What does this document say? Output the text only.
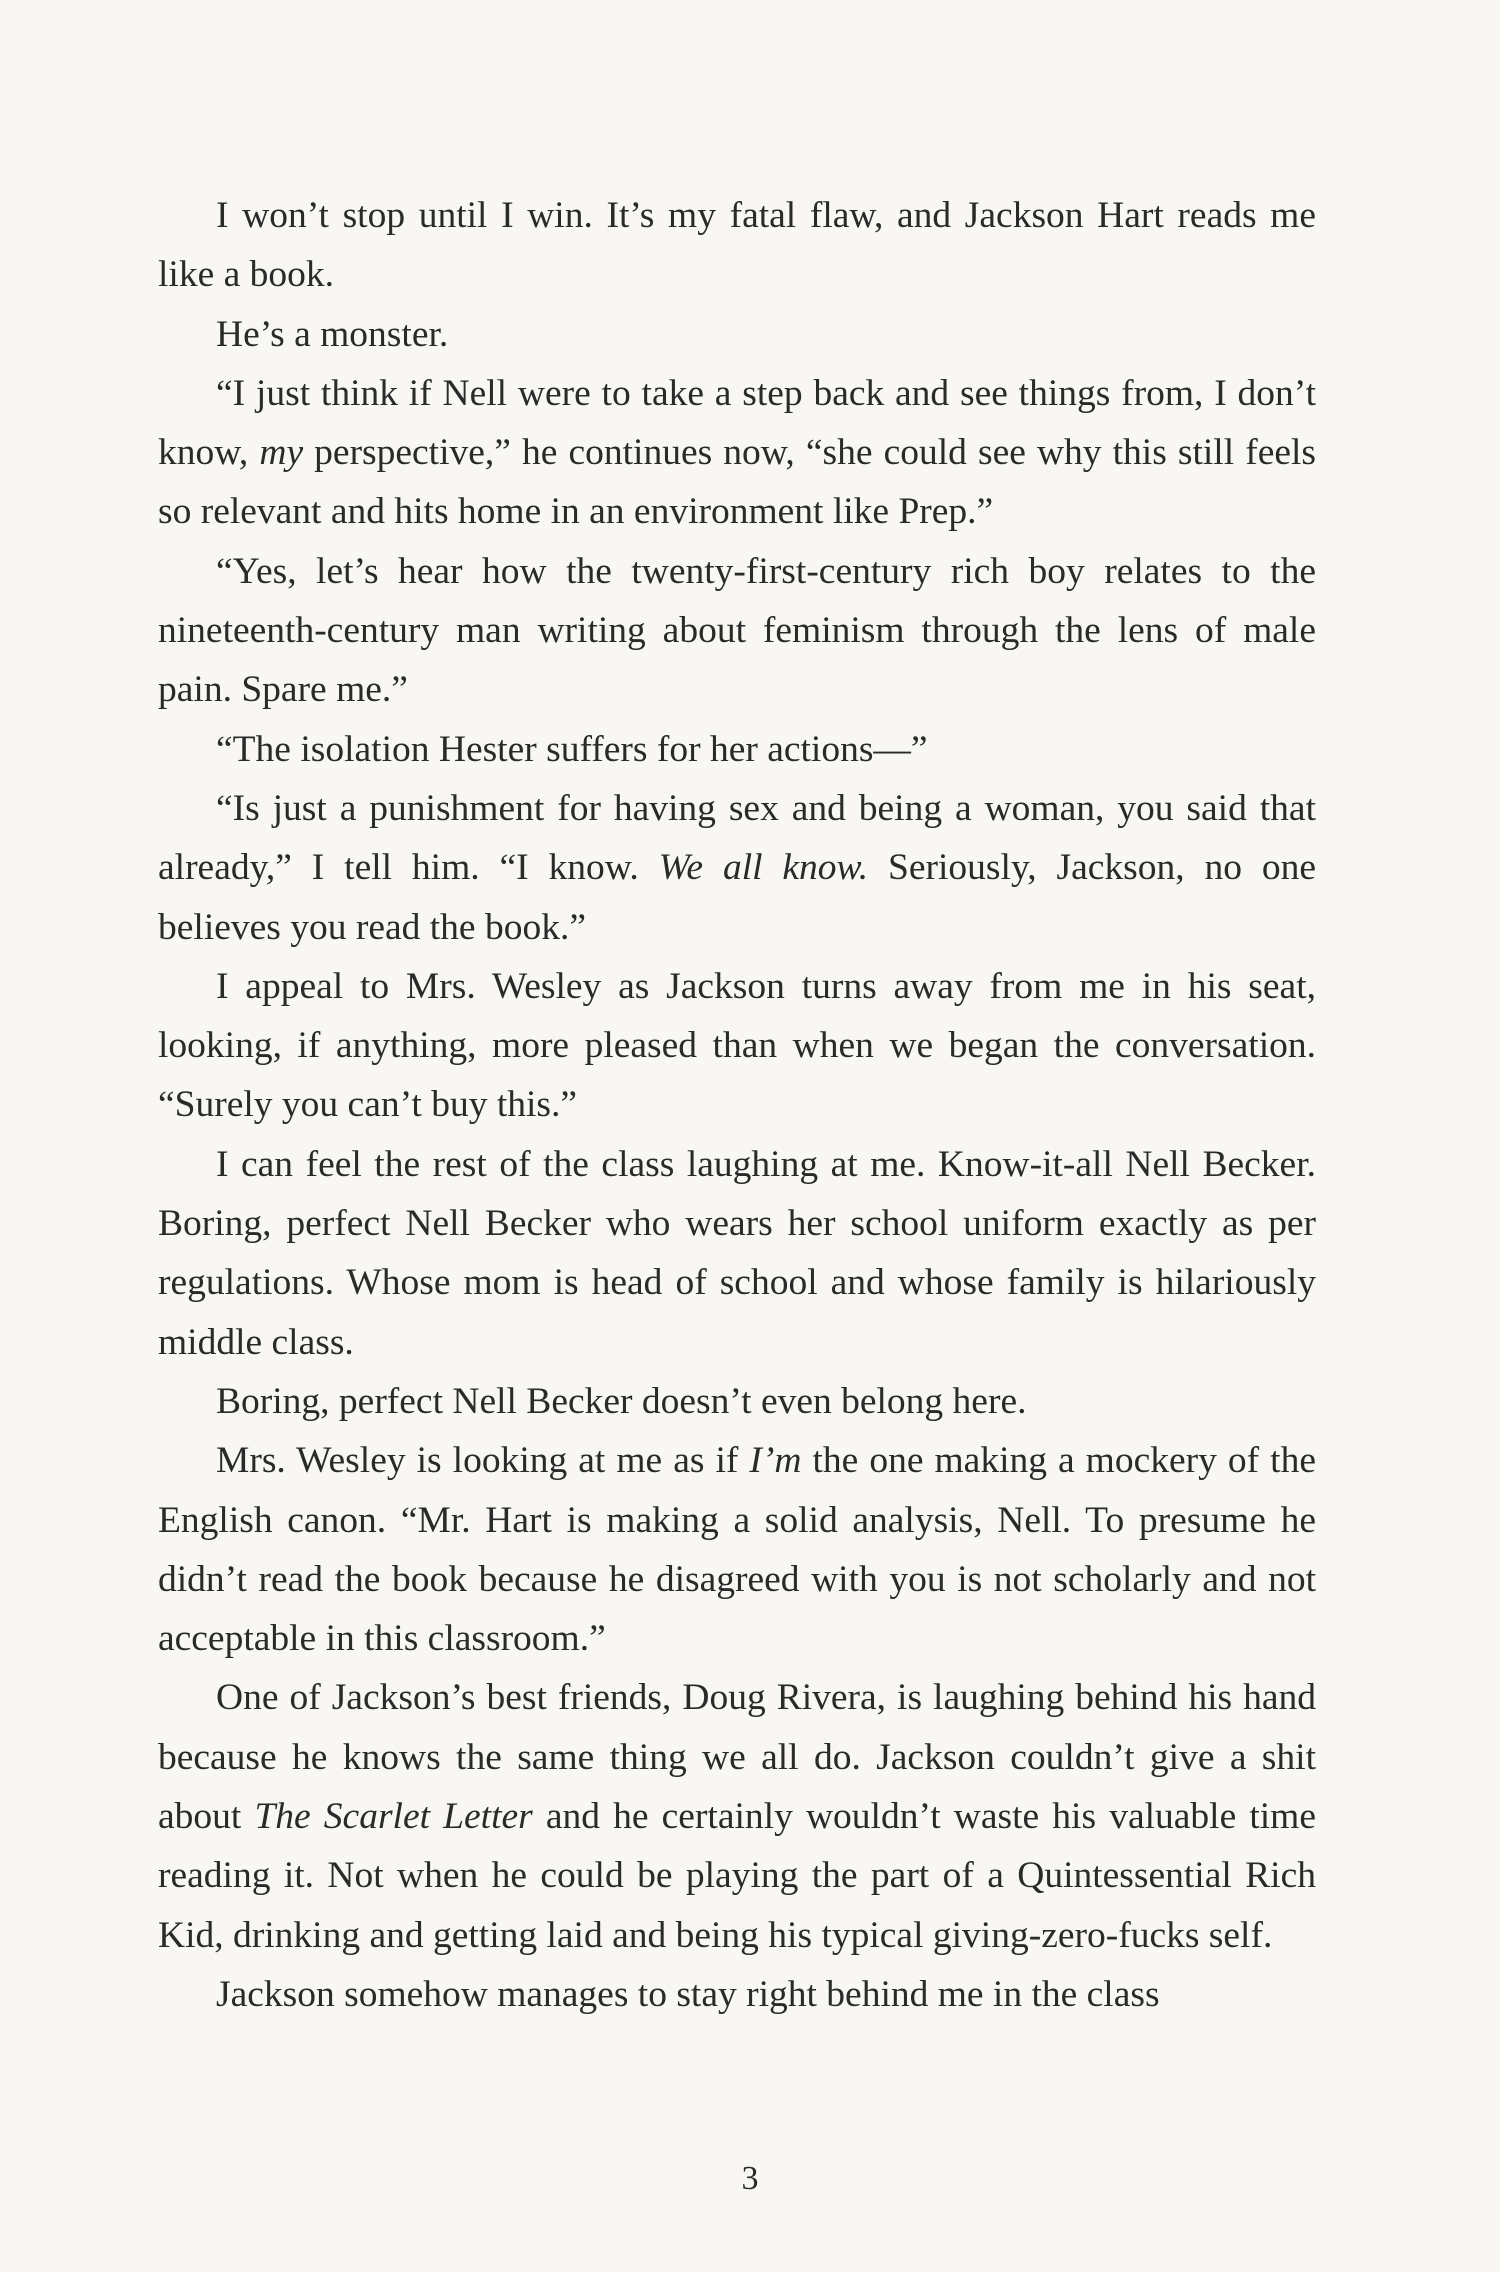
I won’t stop until I win. It’s my fatal flaw, and Jackson Hart reads me like a book.

He’s a monster.

“I just think if Nell were to take a step back and see things from, I don’t know, my perspective,” he continues now, “she could see why this still feels so relevant and hits home in an environment like Prep.”

“Yes, let’s hear how the twenty-first-century rich boy relates to the nineteenth-century man writing about feminism through the lens of male pain. Spare me.”

“The isolation Hester suffers for her actions—”

“Is just a punishment for having sex and being a woman, you said that already,” I tell him. “I know. We all know. Seriously, Jackson, no one believes you read the book.”

I appeal to Mrs. Wesley as Jackson turns away from me in his seat, looking, if anything, more pleased than when we began the conversation. “Surely you can’t buy this.”

I can feel the rest of the class laughing at me. Know-it-all Nell Becker. Boring, perfect Nell Becker who wears her school uniform exactly as per regulations. Whose mom is head of school and whose family is hilariously middle class.

Boring, perfect Nell Becker doesn’t even belong here.

Mrs. Wesley is looking at me as if I’m the one making a mockery of the English canon. “Mr. Hart is making a solid analysis, Nell. To presume he didn’t read the book because he disagreed with you is not scholarly and not acceptable in this classroom.”

One of Jackson’s best friends, Doug Rivera, is laughing behind his hand because he knows the same thing we all do. Jackson couldn’t give a shit about The Scarlet Letter and he certainly wouldn’t waste his valuable time reading it. Not when he could be playing the part of a Quintessential Rich Kid, drinking and getting laid and being his typical giving-zero-fucks self.

Jackson somehow manages to stay right behind me in the class

3
